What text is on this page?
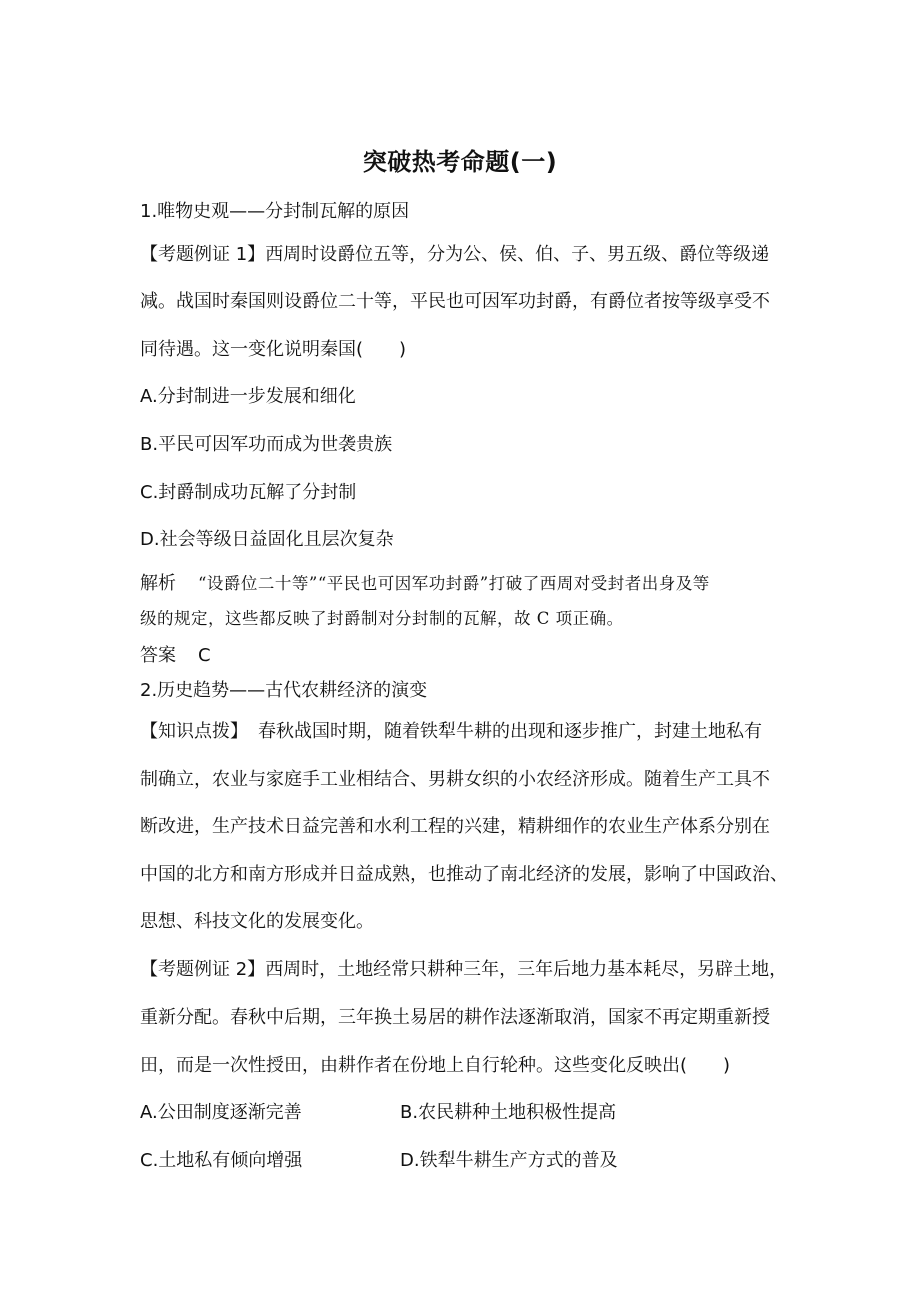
突破热考命题(一)
1.唯物史观——分封制瓦解的原因
【考题例证 1】西周时设爵位五等，分为公、侯、伯、子、男五级、爵位等级递
减。战国时秦国则设爵位二十等，平民也可因军功封爵，有爵位者按等级享受不
同待遇。这一变化说明秦国(　　)
A.分封制进一步发展和细化
B.平民可因军功而成为世袭贵族
C.封爵制成功瓦解了分封制
D.社会等级日益固化且层次复杂
解析 “设爵位二十等”“平民也可因军功封爵”打破了西周对受封者出身及等
级的规定，这些都反映了封爵制对分封制的瓦解，故 C 项正确。
答案 C
2.历史趋势——古代农耕经济的演变
【知识点拨】 春秋战国时期，随着铁犁牛耕的出现和逐步推广，封建土地私有
制确立，农业与家庭手工业相结合、男耕女织的小农经济形成。随着生产工具不
断改进，生产技术日益完善和水利工程的兴建，精耕细作的农业生产体系分别在
中国的北方和南方形成并日益成熟，也推动了南北经济的发展，影响了中国政治、
思想、科技文化的发展变化。
【考题例证 2】西周时，土地经常只耕种三年，三年后地力基本耗尽，另辟土地，
重新分配。春秋中后期，三年换土易居的耕作法逐渐取消，国家不再定期重新授
田，而是一次性授田，由耕作者在份地上自行轮种。这些变化反映出(　　)
A.公田制度逐渐完善	B.农民耕种土地积极性提高
C.土地私有倾向增强	D.铁犁牛耕生产方式的普及
